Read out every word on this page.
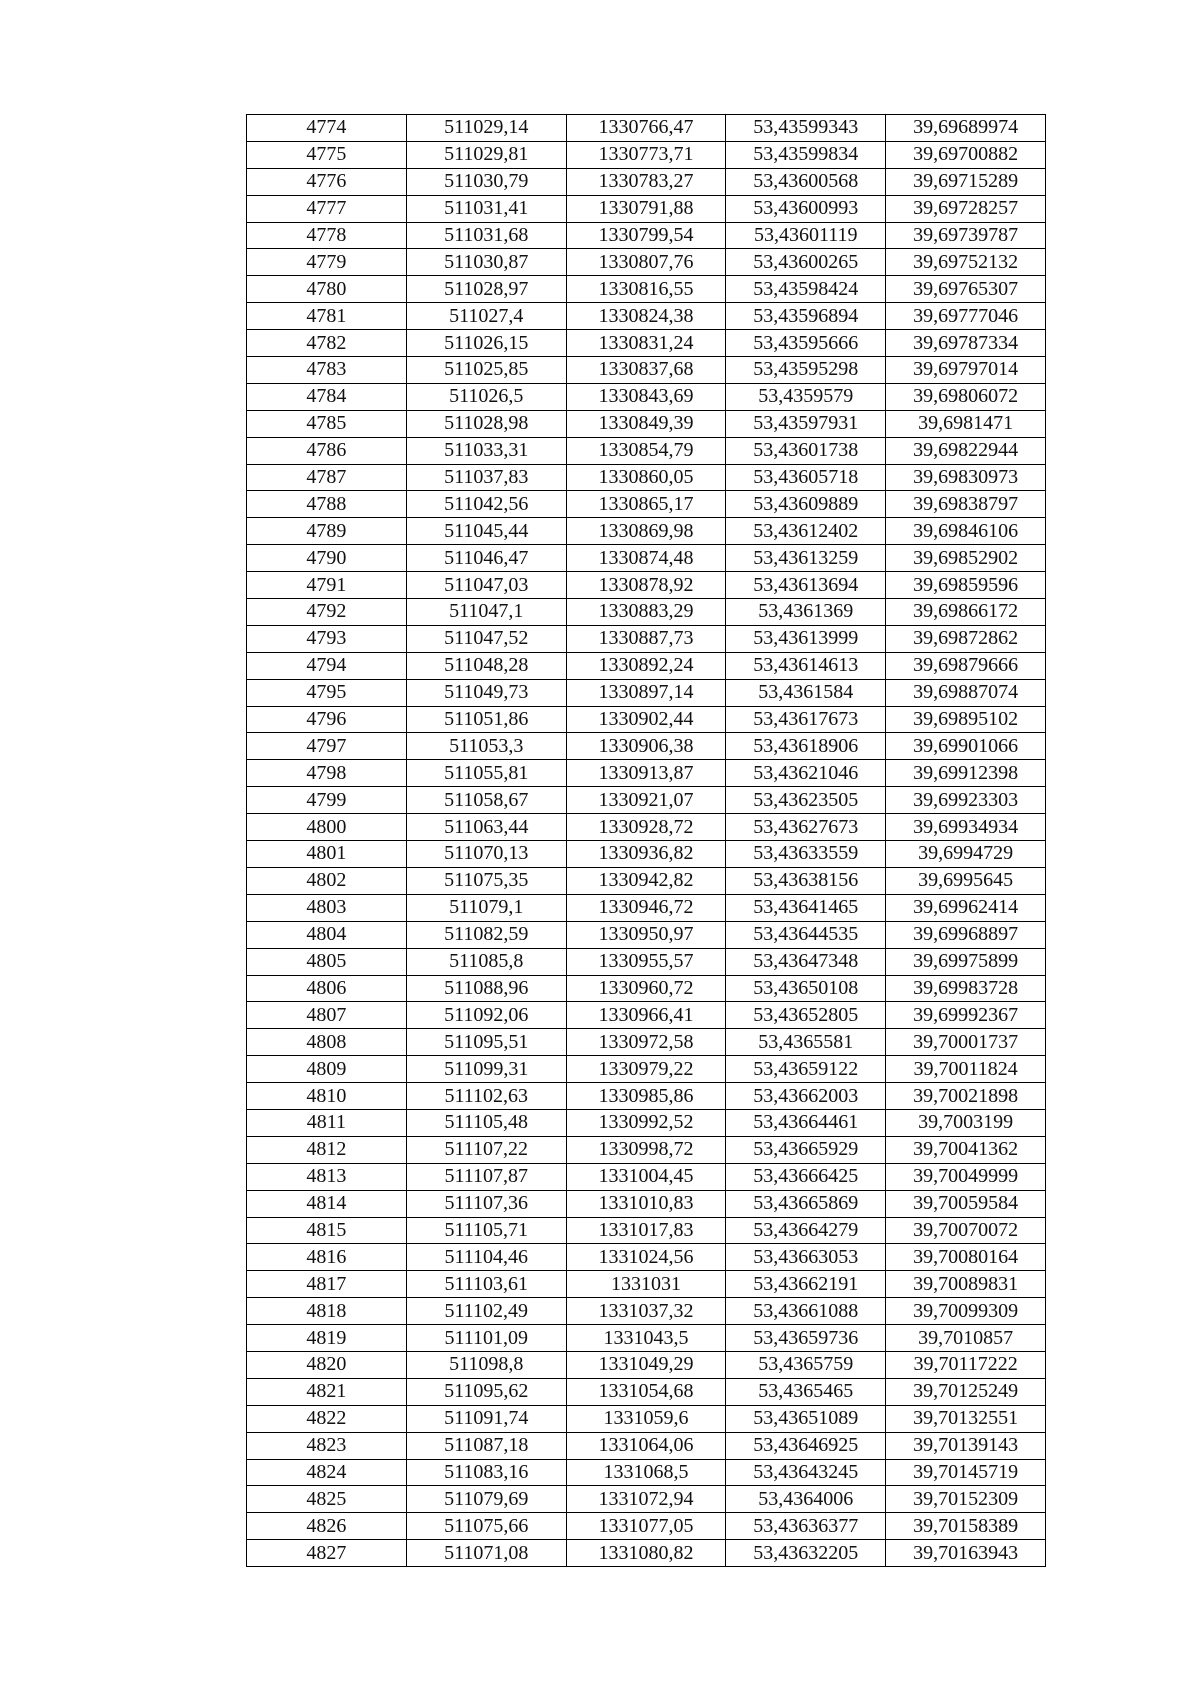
4774	511029,14	1330766,47	53,43599343	39,69689974
4775	511029,81	1330773,71	53,43599834	39,69700882
4776	511030,79	1330783,27	53,43600568	39,69715289
4777	511031,41	1330791,88	53,43600993	39,69728257
4778	511031,68	1330799,54	53,43601119	39,69739787
4779	511030,87	1330807,76	53,43600265	39,69752132
4780	511028,97	1330816,55	53,43598424	39,69765307
4781	511027,4	1330824,38	53,43596894	39,69777046
4782	511026,15	1330831,24	53,43595666	39,69787334
4783	511025,85	1330837,68	53,43595298	39,69797014
4784	511026,5	1330843,69	53,4359579	39,69806072
4785	511028,98	1330849,39	53,43597931	39,6981471
4786	511033,31	1330854,79	53,43601738	39,69822944
4787	511037,83	1330860,05	53,43605718	39,69830973
4788	511042,56	1330865,17	53,43609889	39,69838797
4789	511045,44	1330869,98	53,43612402	39,69846106
4790	511046,47	1330874,48	53,43613259	39,69852902
4791	511047,03	1330878,92	53,43613694	39,69859596
4792	511047,1	1330883,29	53,4361369	39,69866172
4793	511047,52	1330887,73	53,43613999	39,69872862
4794	511048,28	1330892,24	53,43614613	39,69879666
4795	511049,73	1330897,14	53,4361584	39,69887074
4796	511051,86	1330902,44	53,43617673	39,69895102
4797	511053,3	1330906,38	53,43618906	39,69901066
4798	511055,81	1330913,87	53,43621046	39,69912398
4799	511058,67	1330921,07	53,43623505	39,69923303
4800	511063,44	1330928,72	53,43627673	39,69934934
4801	511070,13	1330936,82	53,43633559	39,6994729
4802	511075,35	1330942,82	53,43638156	39,6995645
4803	511079,1	1330946,72	53,43641465	39,69962414
4804	511082,59	1330950,97	53,43644535	39,69968897
4805	511085,8	1330955,57	53,43647348	39,69975899
4806	511088,96	1330960,72	53,43650108	39,69983728
4807	511092,06	1330966,41	53,43652805	39,69992367
4808	511095,51	1330972,58	53,4365581	39,70001737
4809	511099,31	1330979,22	53,43659122	39,70011824
4810	511102,63	1330985,86	53,43662003	39,70021898
4811	511105,48	1330992,52	53,43664461	39,7003199
4812	511107,22	1330998,72	53,43665929	39,70041362
4813	511107,87	1331004,45	53,43666425	39,70049999
4814	511107,36	1331010,83	53,43665869	39,70059584
4815	511105,71	1331017,83	53,43664279	39,70070072
4816	511104,46	1331024,56	53,43663053	39,70080164
4817	511103,61	1331031	53,43662191	39,70089831
4818	511102,49	1331037,32	53,43661088	39,70099309
4819	511101,09	1331043,5	53,43659736	39,7010857
4820	511098,8	1331049,29	53,4365759	39,70117222
4821	511095,62	1331054,68	53,4365465	39,70125249
4822	511091,74	1331059,6	53,43651089	39,70132551
4823	511087,18	1331064,06	53,43646925	39,70139143
4824	511083,16	1331068,5	53,43643245	39,70145719
4825	511079,69	1331072,94	53,4364006	39,70152309
4826	511075,66	1331077,05	53,43636377	39,70158389
4827	511071,08	1331080,82	53,43632205	39,70163943
